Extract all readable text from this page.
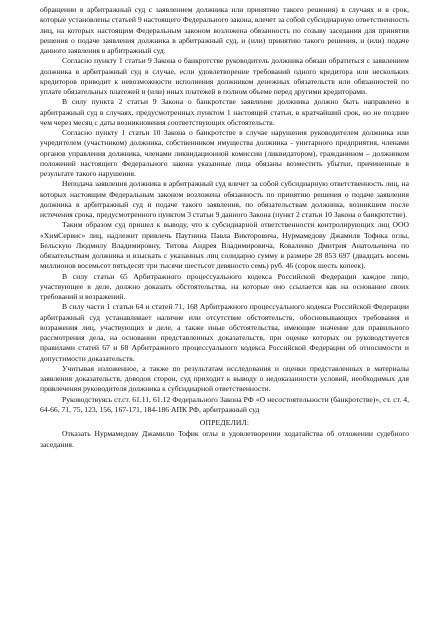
обращении в арбитражный суд с заявлением должника или принятию такого решения) в случаях и в срок, которые установлены статьей 9 настоящего Федерального закона, влечет за собой субсидиарную ответственность лиц, на которых настоящим Федеральным законом возложена обязанность по созыву заседания для принятия решения о подаче заявления должника в арбитражный суд, и (или) принятию такого решения, и (или) подаче данного заявления в арбитражный суд.

Согласно пункту 1 статьи 9 Закона о банкротстве руководитель должника обязан обратиться с заявлением должника в арбитражный суд в случае, если удовлетворение требований одного кредитора или нескольких кредиторов приводит к невозможности исполнения должником денежных обязательств или обязанностей по уплате обязательных платежей и (или) иных платежей в полном объеме перед другими кредиторами.

В силу пункта 2 статьи 9 Закона о банкротстве заявление должника должно быть направлено в арбитражный суд в случаях, предусмотренных пунктом 1 настоящей статьи, в кратчайший срок, но не позднее чем через месяц с даты возникновения соответствующих обстоятельств.

Согласно пункту 1 статьи 10 Закона о банкротстве в случае нарушения руководителем должника или учредителем (участником) должника, собственником имущества должника - унитарного предприятия, членами органов управления должника, членами ликвидационной комиссии (ликвидатором), гражданином – должником положений настоящего Федерального закона указанные лица обязаны возместить убытки, причиненные в результате такого нарушения.

Неподача заявления должника в арбитражный суд влечет за собой субсидиарную ответственность лиц, на которых настоящим Федеральным законом возложена обязанность по принятию решения о подаче заявления должника в арбитражный суд и подаче такого заявления, по обязательствам должника, возникшим после истечения срока, предусмотренного пунктом 3 статьи 9 данного Закона (пункт 2 статьи 10 Закона о банкротстве).

Таким образом суд пришел к выводу, что к субсидиарной ответственности контролирующих лиц ООО «ХимСервис» лиц, надлежит привлечь Паутнина Павла Викторовича, Нурмамедову Джамиля Тофика оглы, Бельскую Людмилу Владимировну, Титова Андрея Владимировича, Коваленко Дмитрия Анатольевича по обязательствам должника и взыскать с указанных лиц солидарно сумму в размере 28 853 697 (двадцать восемь миллионов восемьсот пятьдесят три тысячи шестьсот девяносто семь) руб. 46 (сорок шесть копеек).

В силу статьи 65 Арбитражного процессуального кодекса Российской Федерации каждое лицо, участвующее в деле, должно доказать обстоятельства, на которые оно ссылается как на основание своих требований и возражений.

В силу части 1 статьи 64 и статей 71, 168 Арбитражного процессуального кодекса Российской Федерации арбитражный суд устанавливает наличие или отсутствие обстоятельств, обосновывающих требования и возражения лиц, участвующих в деле, а также иные обстоятельства, имеющие значение для правильного рассмотрения дела, на основании представленных доказательств, при оценке которых он руководствуется правилами статей 67 и 68 Арбитражного процессуального кодекса Российской Федерации об относимости и допустимости доказательств.

Учитывая изложенное, а также по результатам исследования и оценки представленных в материалы заявления доказательств, доводов сторон, суд приходит к выводу о недоказанности условий, необходимых для привлечения руководителя должника к субсидиарной ответственности.

Руководствуясь ст.ст. 61.11, 61.12 Федерального Закона РФ «О несостоятельности (банкротстве)», ст. ст. 4, 64-66, 71, 75, 123, 156, 167-171, 184-186 АПК РФ, арбитражный суд

ОПРЕДЕЛИЛ:

Отказать Нурмамедову Джамилю Тофик оглы в удовлетворении ходатайства об отложении судебного заседания.
